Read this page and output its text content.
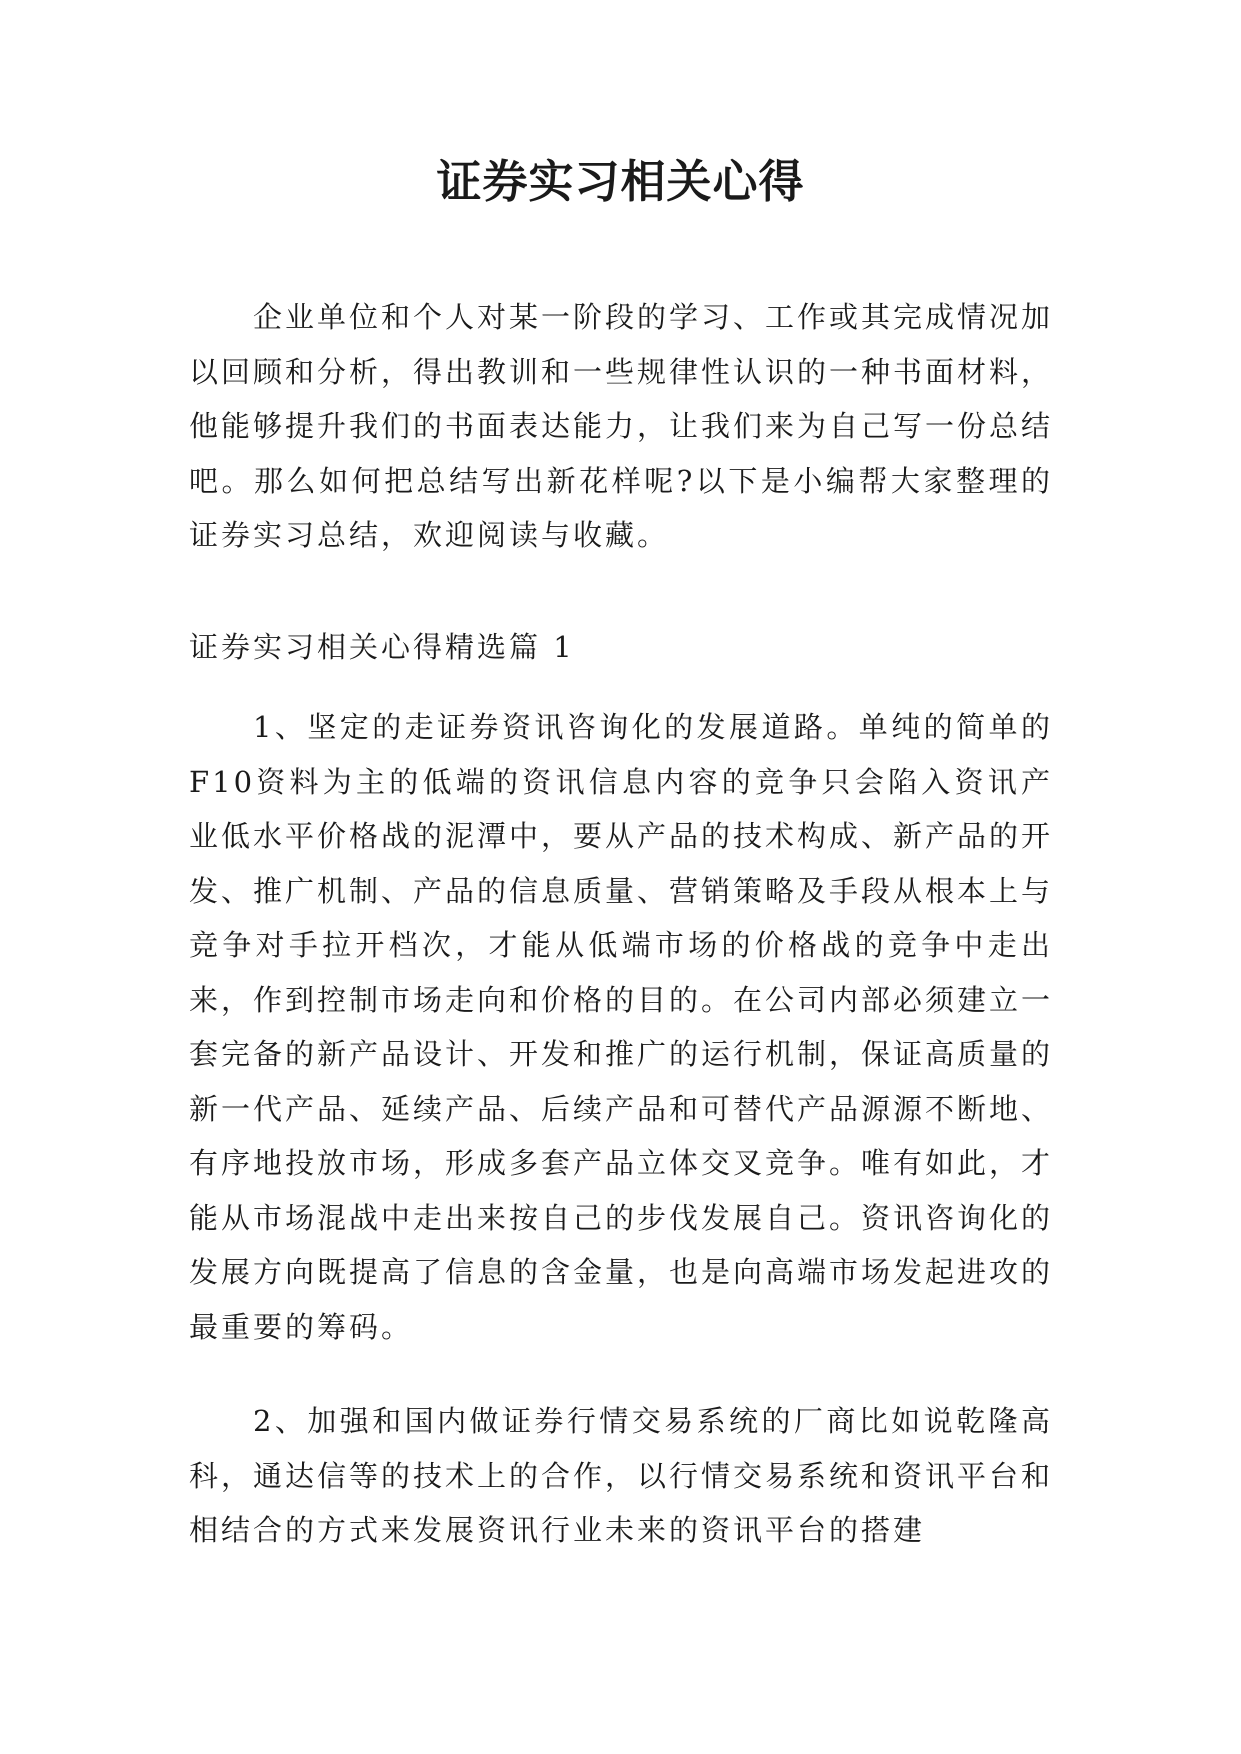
证券实习相关心得

企业单位和个人对某一阶段的学习、工作或其完成情况加以回顾和分析，得出教训和一些规律性认识的一种书面材料，他能够提升我们的书面表达能力，让我们来为自己写一份总结吧。那么如何把总结写出新花样呢?以下是小编帮大家整理的证券实习总结，欢迎阅读与收藏。

证券实习相关心得精选篇 1

1、坚定的走证券资讯咨询化的发展道路。单纯的简单的F10资料为主的低端的资讯信息内容的竞争只会陷入资讯产业低水平价格战的泥潭中，要从产品的技术构成、新产品的开发、推广机制、产品的信息质量、营销策略及手段从根本上与竞争对手拉开档次，才能从低端市场的价格战的竞争中走出来，作到控制市场走向和价格的目的。在公司内部必须建立一套完备的新产品设计、开发和推广的运行机制，保证高质量的新一代产品、延续产品、后续产品和可替代产品源源不断地、有序地投放市场，形成多套产品立体交叉竞争。唯有如此，才能从市场混战中走出来按自己的步伐发展自己。资讯咨询化的发展方向既提高了信息的含金量，也是向高端市场发起进攻的最重要的筹码。

2、加强和国内做证券行情交易系统的厂商比如说乾隆高科，通达信等的技术上的合作，以行情交易系统和资讯平台和相结合的方式来发展资讯行业未来的资讯平台的搭建
